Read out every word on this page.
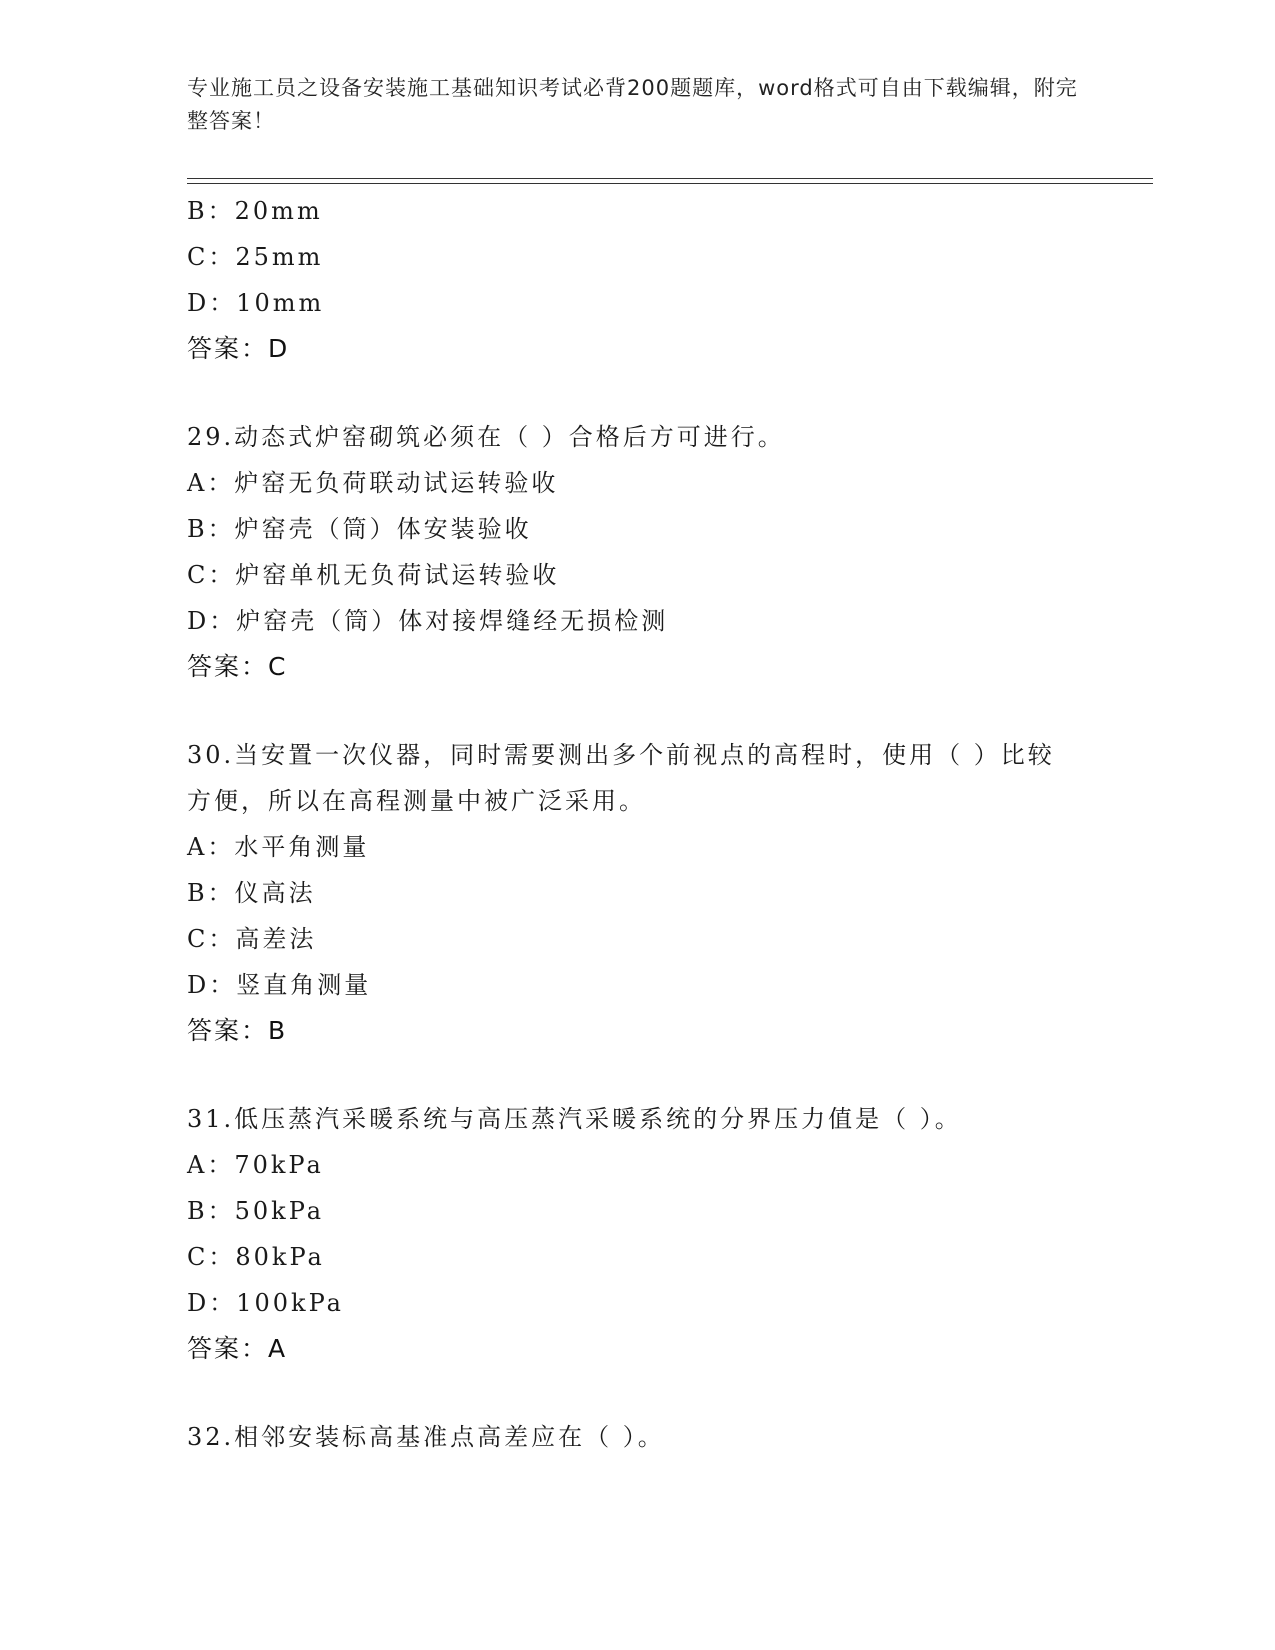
专业施工员之设备安装施工基础知识考试必背200题题库，word格式可自由下载编辑，附完整答案！
B：20mm
C：25mm
D：10mm
答案：D
29.动态式炉窑砌筑必须在（ ）合格后方可进行。
A：炉窑无负荷联动试运转验收
B：炉窑壳（筒）体安装验收
C：炉窑单机无负荷试运转验收
D：炉窑壳（筒）体对接焊缝经无损检测
答案：C
30.当安置一次仪器，同时需要测出多个前视点的高程时，使用（ ）比较方便，所以在高程测量中被广泛采用。
A：水平角测量
B：仪高法
C：高差法
D：竖直角测量
答案：B
31.低压蒸汽采暖系统与高压蒸汽采暖系统的分界压力值是（ ）。
A：70kPa
B：50kPa
C：80kPa
D：100kPa
答案：A
32.相邻安装标高基准点高差应在（ ）。
